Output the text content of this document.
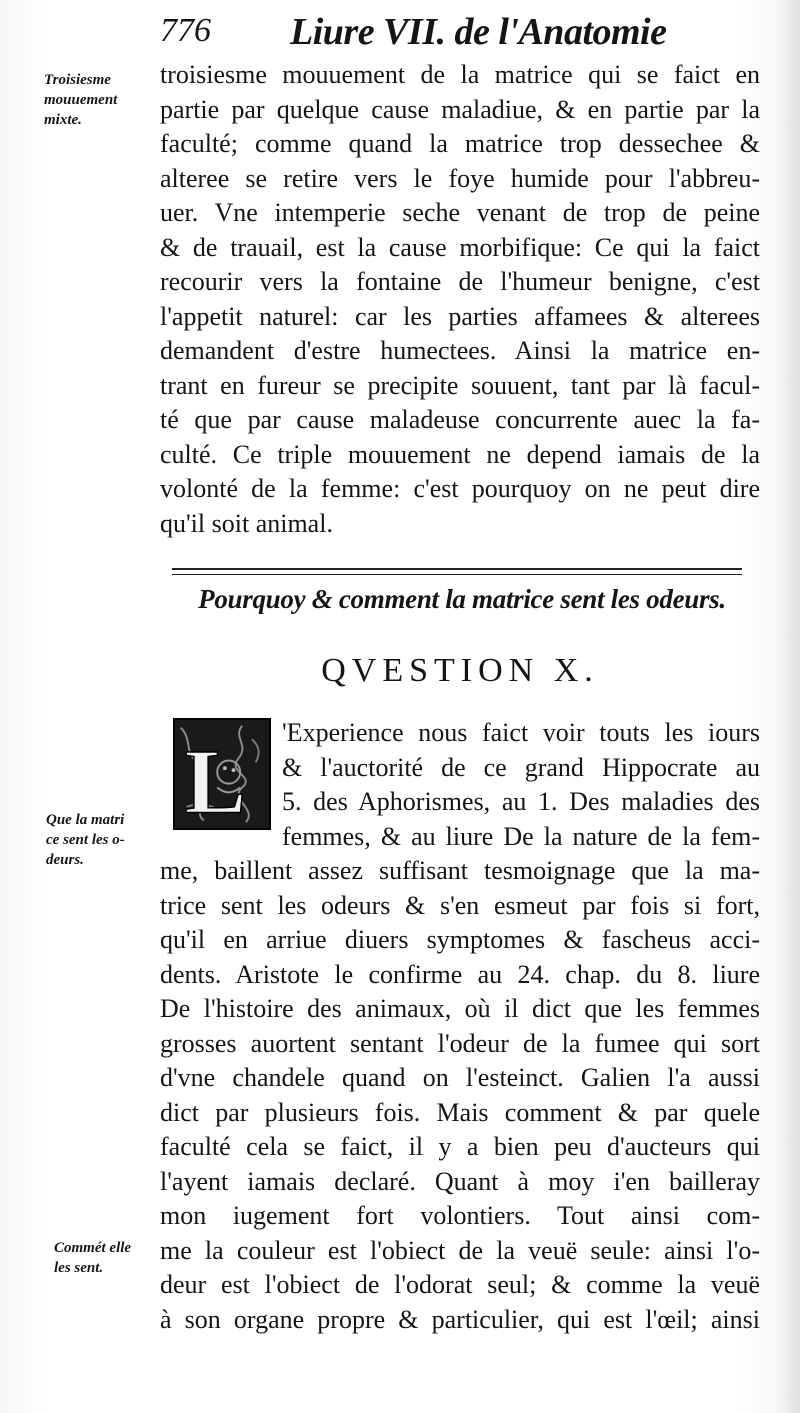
776 Liure VII. de l'Anatomie
Troisiesme
mouuement
mixte.
Que la matri
ce sent les o-
deurs.
Commét elle
les sent.
troisiesme mouuement de la matrice qui se faict en
partie par quelque cause maladiue, & en partie par la
faculté; comme quand la matrice trop dessechee &
alteree se retire vers le foye humide pour l'abbreu-
uer. Vne intemperie seche venant de trop de peine
& de trauail, est la cause morbifique: Ce qui la faict
recourir vers la fontaine de l'humeur benigne, c'est
l'appetit naturel: car les parties affamees & alterees
demandent d'estre humectees. Ainsi la matrice en-
trant en fureur se precipite souuent, tant par là facul-
té que par cause maladeuse concurrente auec la fa-
culté. Ce triple mouuement ne depend iamais de la
volonté de la femme: c'est pourquoy on ne peut dire
qu'il soit animal.
Pourquoy & comment la matrice sent les odeurs.
QVESTION X.
L 'Experience nous faict voir touts les iours
& l'auctorité de ce grand Hippocrate au
5. des Aphorismes, au 1. Des maladies des
femmes, & au liure De la nature de la fem-
me, baillent assez suffisant tesmoignage que la ma-
trice sent les odeurs & s'en esmeut par fois si fort,
qu'il en arriue diuers symptomes & fascheus acci-
dents. Aristote le confirme au 24. chap. du 8. liure
De l'histoire des animaux, où il dict que les femmes
grosses auortent sentant l'odeur de la fumee qui sort
d'vne chandele quand on l'esteinct. Galien l'a aussi
dict par plusieurs fois. Mais comment & par quele
faculté cela se faict, il y a bien peu d'aucteurs qui
l'ayent iamais declaré. Quant à moy i'en bailleray
mon iugement fort volontiers. Tout ainsi com-
me la couleur est l'obiect de la veuë seule: ainsi l'o-
deur est l'obiect de l'odorat seul; & comme la veuë
à son organe propre & particulier, qui est l'œil; ainsi
